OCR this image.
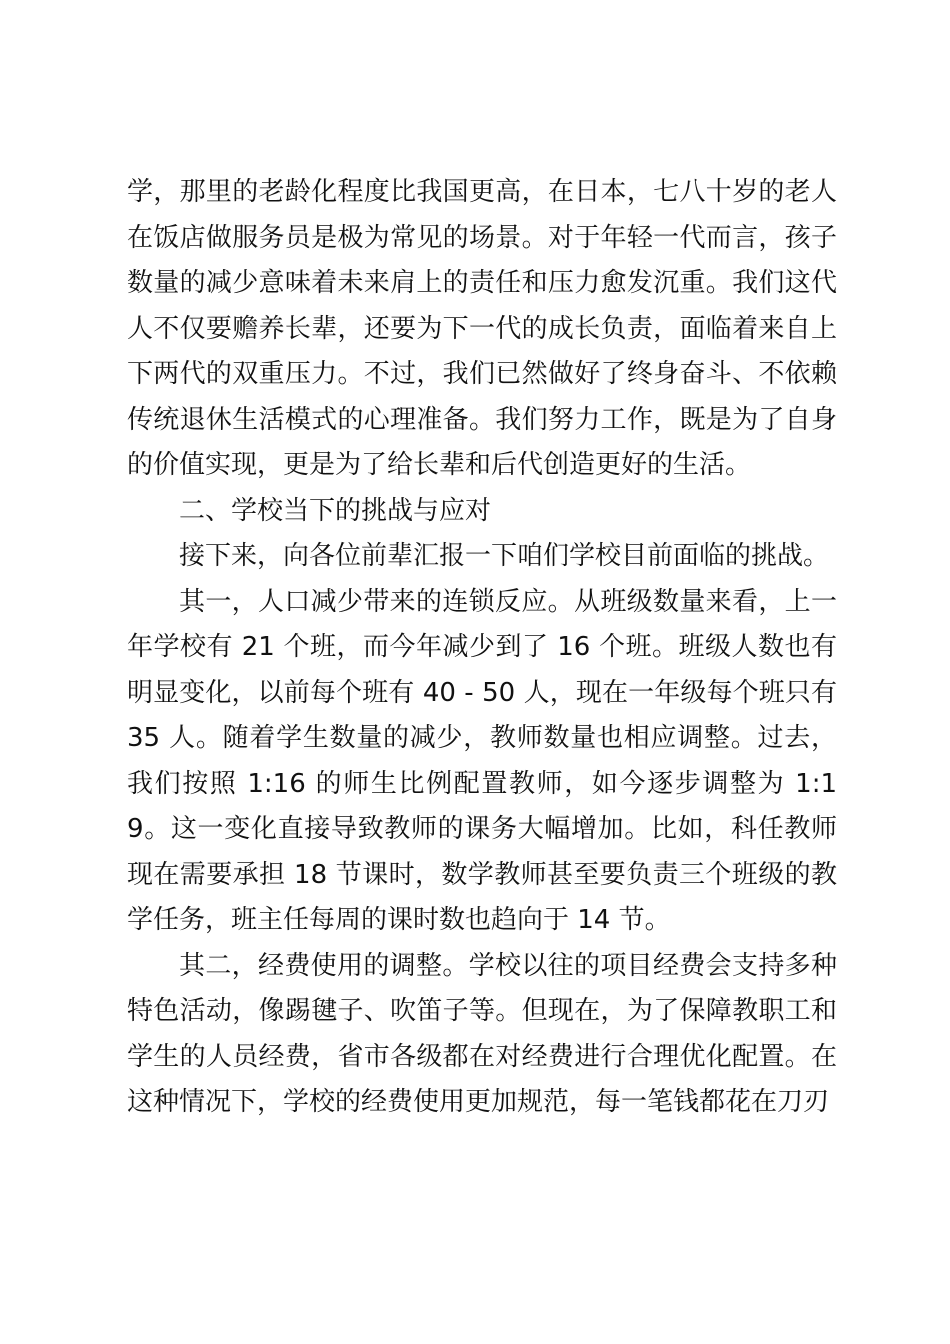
学，那里的老龄化程度比我国更高，在日本，七八十岁的老人在饭店做服务员是极为常见的场景。对于年轻一代而言，孩子数量的减少意味着未来肩上的责任和压力愈发沉重。我们这代人不仅要赡养长辈，还要为下一代的成长负责，面临着来自上下两代的双重压力。不过，我们已然做好了终身奋斗、不依赖传统退休生活模式的心理准备。我们努力工作，既是为了自身的价值实现，更是为了给长辈和后代创造更好的生活。

二、学校当下的挑战与应对

接下来，向各位前辈汇报一下咱们学校目前面临的挑战。

其一，人口减少带来的连锁反应。从班级数量来看，上一年学校有 21 个班，而今年减少到了 16 个班。班级人数也有明显变化，以前每个班有 40 - 50 人，现在一年级每个班只有 35 人。随着学生数量的减少，教师数量也相应调整。过去，我们按照 1:16 的师生比例配置教师，如今逐步调整为 1:19。这一变化直接导致教师的课务大幅增加。比如，科任教师现在需要承担 18 节课时，数学教师甚至要负责三个班级的教学任务，班主任每周的课时数也趋向于 14 节。

其二，经费使用的调整。学校以往的项目经费会支持多种特色活动，像踢毽子、吹笛子等。但现在，为了保障教职工和学生的人员经费，省市各级都在对经费进行合理优化配置。在这种情况下，学校的经费使用更加规范，每一笔钱都花在刀刃
